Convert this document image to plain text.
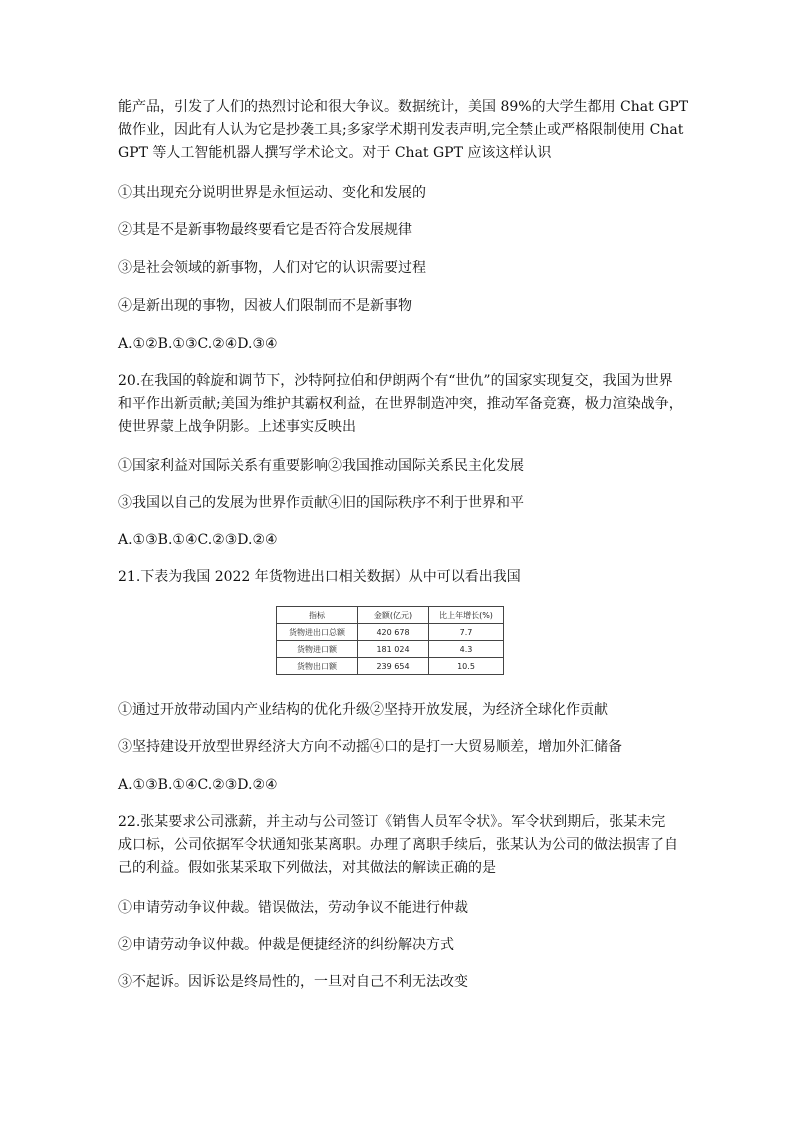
能产品，引发了人们的热烈讨论和很大争议。数据统计，美国 89%的大学生都用 Chat GPT
做作业，因此有人认为它是抄袭工具;多家学术期刊发表声明,完全禁止或严格限制使用 Chat
GPT 等人工智能机器人撰写学术论文。对于 Chat GPT 应该这样认识
①其出现充分说明世界是永恒运动、变化和发展的
②其是不是新事物最终要看它是否符合发展规律
③是社会领域的新事物，人们对它的认识需要过程
④是新出现的事物，因被人们限制而不是新事物
A.①②B.①③C.②④D.③④
20.在我国的斡旋和调节下，沙特阿拉伯和伊朗两个有“世仇”的国家实现复交，我国为世界
和平作出新贡献;美国为维护其霸权利益，在世界制造冲突，推动军备竞赛，极力渲染战争，
使世界蒙上战争阴影。上述事实反映出
①国家利益对国际关系有重要影响②我国推动国际关系民主化发展
③我国以自己的发展为世界作贡献④旧的国际秩序不利于世界和平
A.①③B.①④C.②③D.②④
21.下表为我国 2022 年货物进出口相关数据）从中可以看出我国
指标	金额(亿元)	比上年增长(%)
货物进出口总额	420 678	7.7
货物进口额	181 024	4.3
货物出口额	239 654	10.5
①通过开放带动国内产业结构的优化升级②坚持开放发展，为经济全球化作贡献
③坚持建设开放型世界经济大方向不动摇④口的是打一大贸易顺差，增加外汇储备
A.①③B.①④C.②③D.②④
22.张某要求公司涨薪，并主动与公司签订《销售人员军令状》。军令状到期后，张某未完
成口标，公司依据军令状通知张某离职。办理了离职手续后，张某认为公司的做法损害了自
己的利益。假如张某采取下列做法，对其做法的解读正确的是
①申请劳动争议仲裁。错误做法，劳动争议不能进行仲裁
②申请劳动争议仲裁。仲裁是便捷经济的纠纷解决方式
③不起诉。因诉讼是终局性的，一旦对自己不利无法改变
